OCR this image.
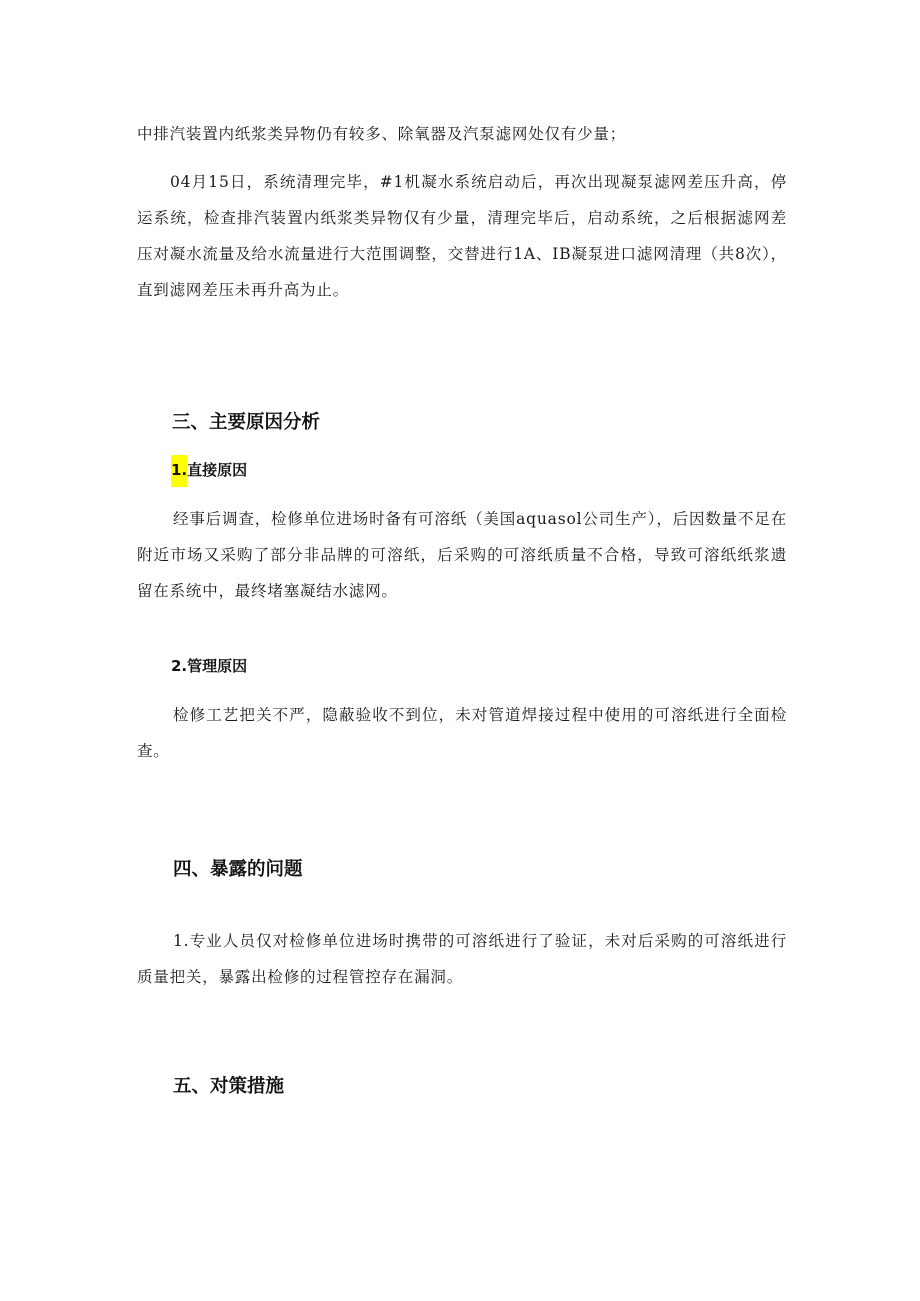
中排汽装置内纸浆类异物仍有较多、除氧器及汽泵滤网处仅有少量；

04月15日，系统清理完毕，#1机凝水系统启动后，再次出现凝泵滤网差压升高，停运系统，检查排汽装置内纸浆类异物仅有少量，清理完毕后，启动系统，之后根据滤网差压对凝水流量及给水流量进行大范围调整，交替进行1A、IB凝泵进口滤网清理（共8次），直到滤网差压未再升高为止。

三、主要原因分析
1.直接原因

经事后调查，检修单位进场时备有可溶纸（美国aquasol公司生产），后因数量不足在附近市场又采购了部分非品牌的可溶纸，后采购的可溶纸质量不合格，导致可溶纸纸浆遗留在系统中，最终堵塞凝结水滤网。

2.管理原因

检修工艺把关不严，隐蔽验收不到位，未对管道焊接过程中使用的可溶纸进行全面检查。

四、暴露的问题

1.专业人员仅对检修单位进场时携带的可溶纸进行了验证，未对后采购的可溶纸进行质量把关，暴露出检修的过程管控存在漏洞。

五、对策措施
